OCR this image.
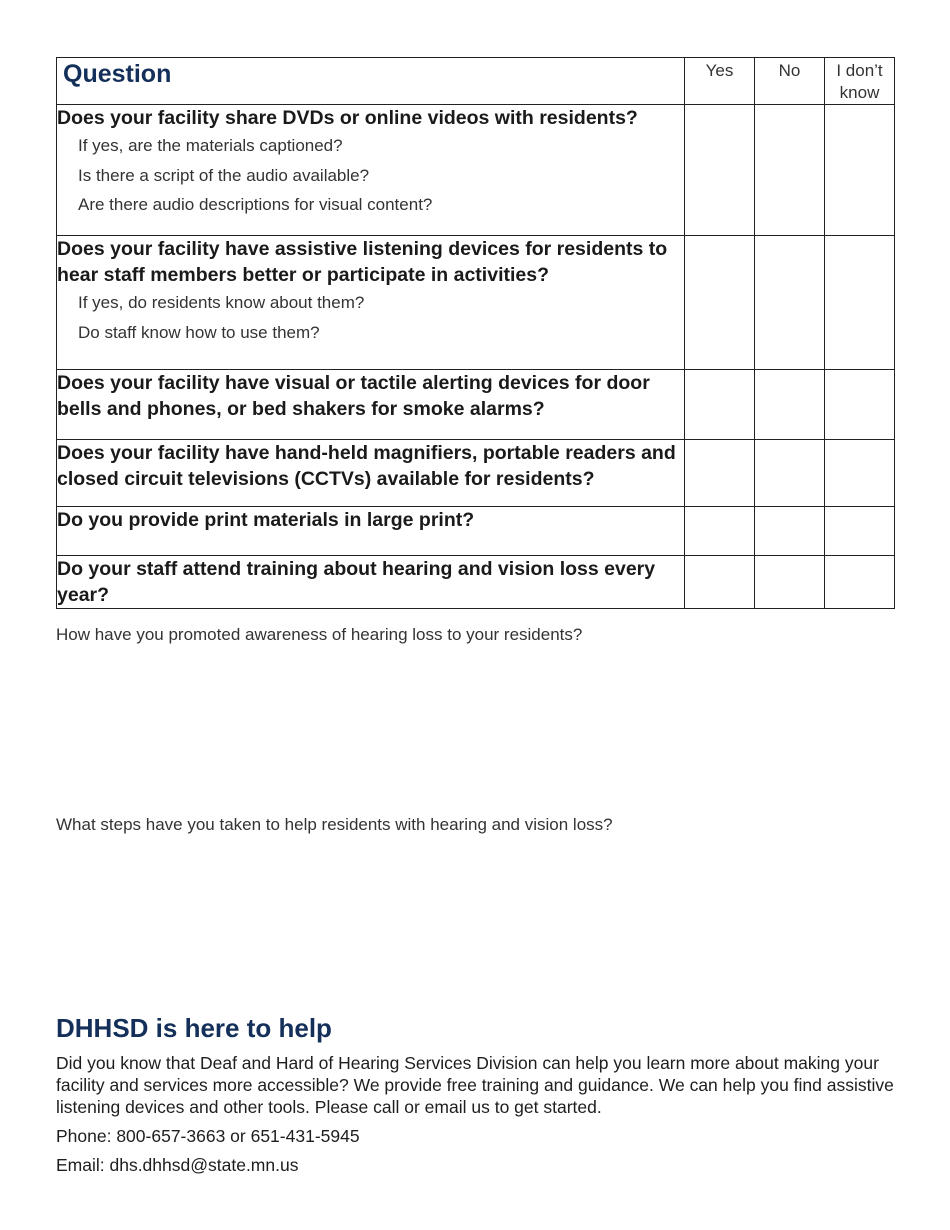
Question	Yes	No	I don’t know

Does your facility share DVDs or online videos with residents?
If yes, are the materials captioned?
Is there a script of the audio available?
Are there audio descriptions for visual content?			

Does your facility have assistive listening devices for residents to hear staff members better or participate in activities?
If yes, do residents know about them?
Do staff know how to use them?			

Does your facility have visual or tactile alerting devices for door bells and phones, or bed shakers for smoke alarms?			

Does your facility have hand-held magnifiers, portable readers and closed circuit televisions (CCTVs) available for residents?			

Do you provide print materials in large print?			

Do your staff attend training about hearing and vision loss every year?			

How have you promoted awareness of hearing loss to your residents?
What steps have you taken to help residents with hearing and vision loss?
DHHSD is here to help
Did you know that Deaf and Hard of Hearing Services Division can help you learn more about making your facility and services more accessible? We provide free training and guidance. We can help you find assistive listening devices and other tools. Please call or email us to get started.
Phone: 800-657-3663 or 651-431-5945
Email: dhs.dhhsd@state.mn.us
